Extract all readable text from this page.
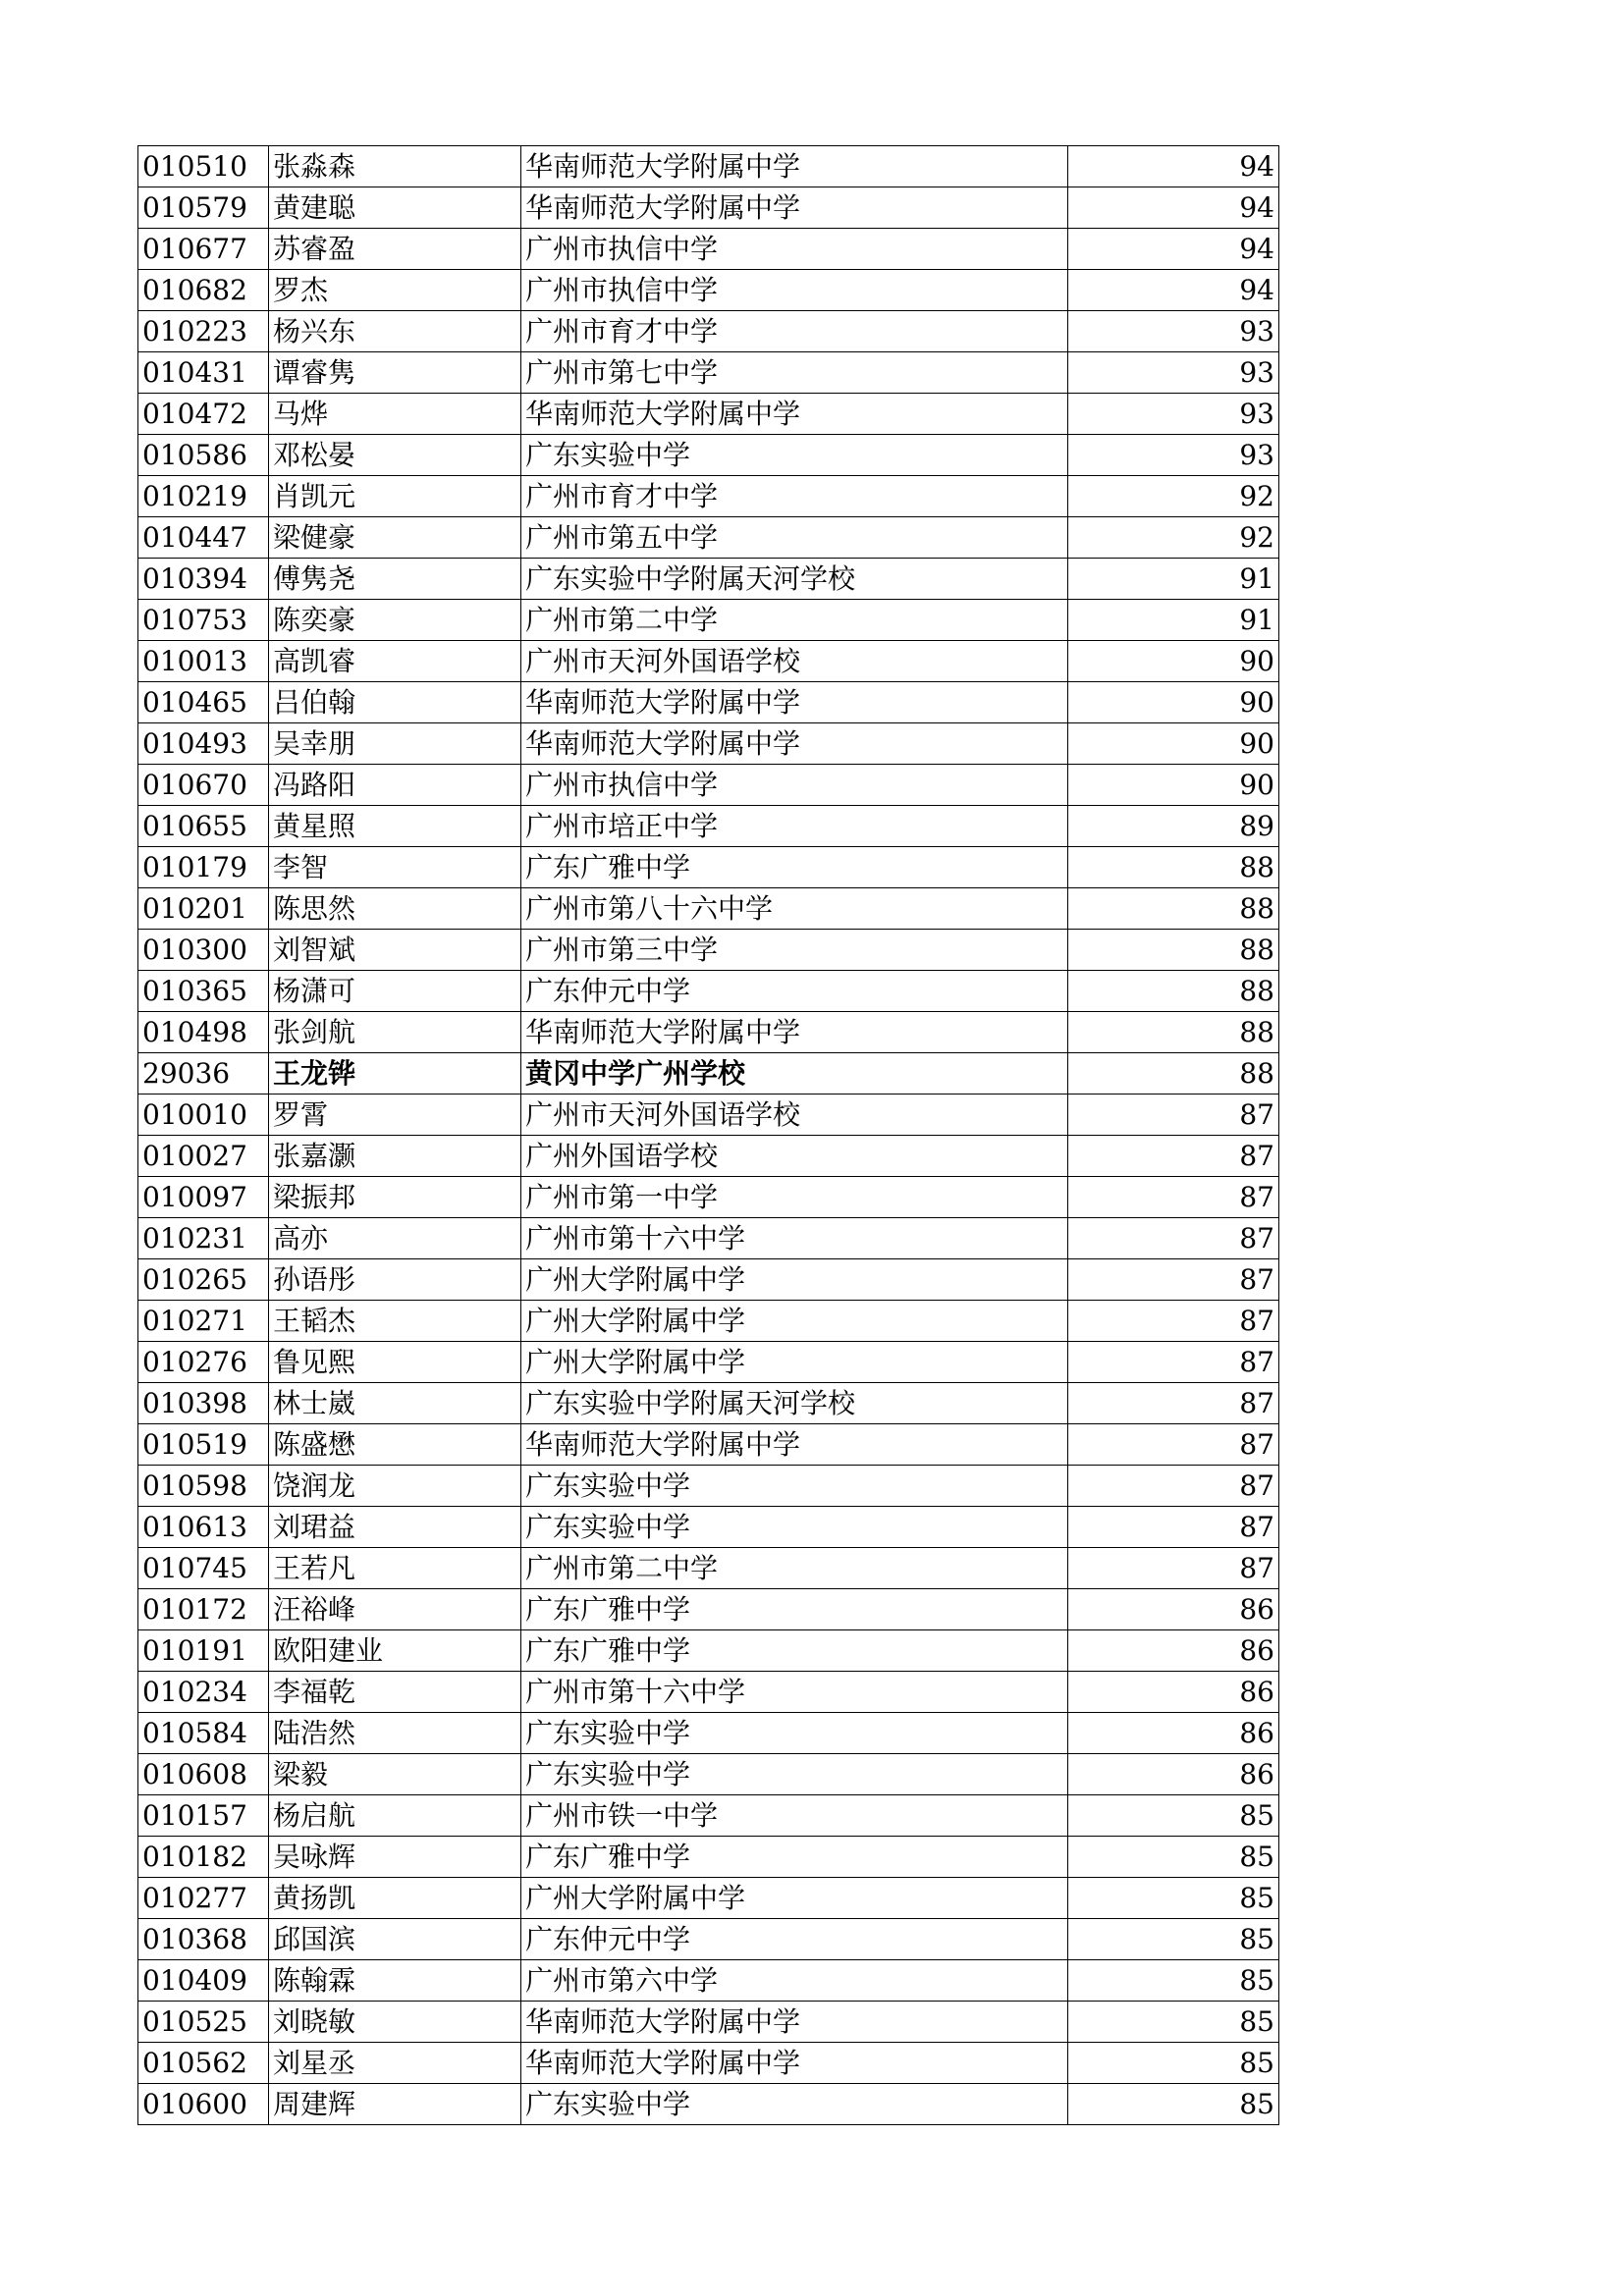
010510	张淼森	华南师范大学附属中学	94
010579	黄建聪	华南师范大学附属中学	94
010677	苏睿盈	广州市执信中学	94
010682	罗杰	广州市执信中学	94
010223	杨兴东	广州市育才中学	93
010431	谭睿隽	广州市第七中学	93
010472	马烨	华南师范大学附属中学	93
010586	邓松晏	广东实验中学	93
010219	肖凯元	广州市育才中学	92
010447	梁健豪	广州市第五中学	92
010394	傅隽尧	广东实验中学附属天河学校	91
010753	陈奕豪	广州市第二中学	91
010013	高凯睿	广州市天河外国语学校	90
010465	吕伯翰	华南师范大学附属中学	90
010493	吴幸朋	华南师范大学附属中学	90
010670	冯路阳	广州市执信中学	90
010655	黄星照	广州市培正中学	89
010179	李智	广东广雅中学	88
010201	陈思然	广州市第八十六中学	88
010300	刘智斌	广州市第三中学	88
010365	杨潇可	广东仲元中学	88
010498	张剑航	华南师范大学附属中学	88
29036	王龙铧	黄冈中学广州学校	88
010010	罗霄	广州市天河外国语学校	87
010027	张嘉灏	广州外国语学校	87
010097	梁振邦	广州市第一中学	87
010231	高亦	广州市第十六中学	87
010265	孙语彤	广州大学附属中学	87
010271	王韬杰	广州大学附属中学	87
010276	鲁见熙	广州大学附属中学	87
010398	林士崴	广东实验中学附属天河学校	87
010519	陈盛懋	华南师范大学附属中学	87
010598	饶润龙	广东实验中学	87
010613	刘珺益	广东实验中学	87
010745	王若凡	广州市第二中学	87
010172	汪裕峰	广东广雅中学	86
010191	欧阳建业	广东广雅中学	86
010234	李福乾	广州市第十六中学	86
010584	陆浩然	广东实验中学	86
010608	梁毅	广东实验中学	86
010157	杨启航	广州市铁一中学	85
010182	吴咏辉	广东广雅中学	85
010277	黄扬凯	广州大学附属中学	85
010368	邱国滨	广东仲元中学	85
010409	陈翰霖	广州市第六中学	85
010525	刘晓敏	华南师范大学附属中学	85
010562	刘星丞	华南师范大学附属中学	85
010600	周建辉	广东实验中学	85
